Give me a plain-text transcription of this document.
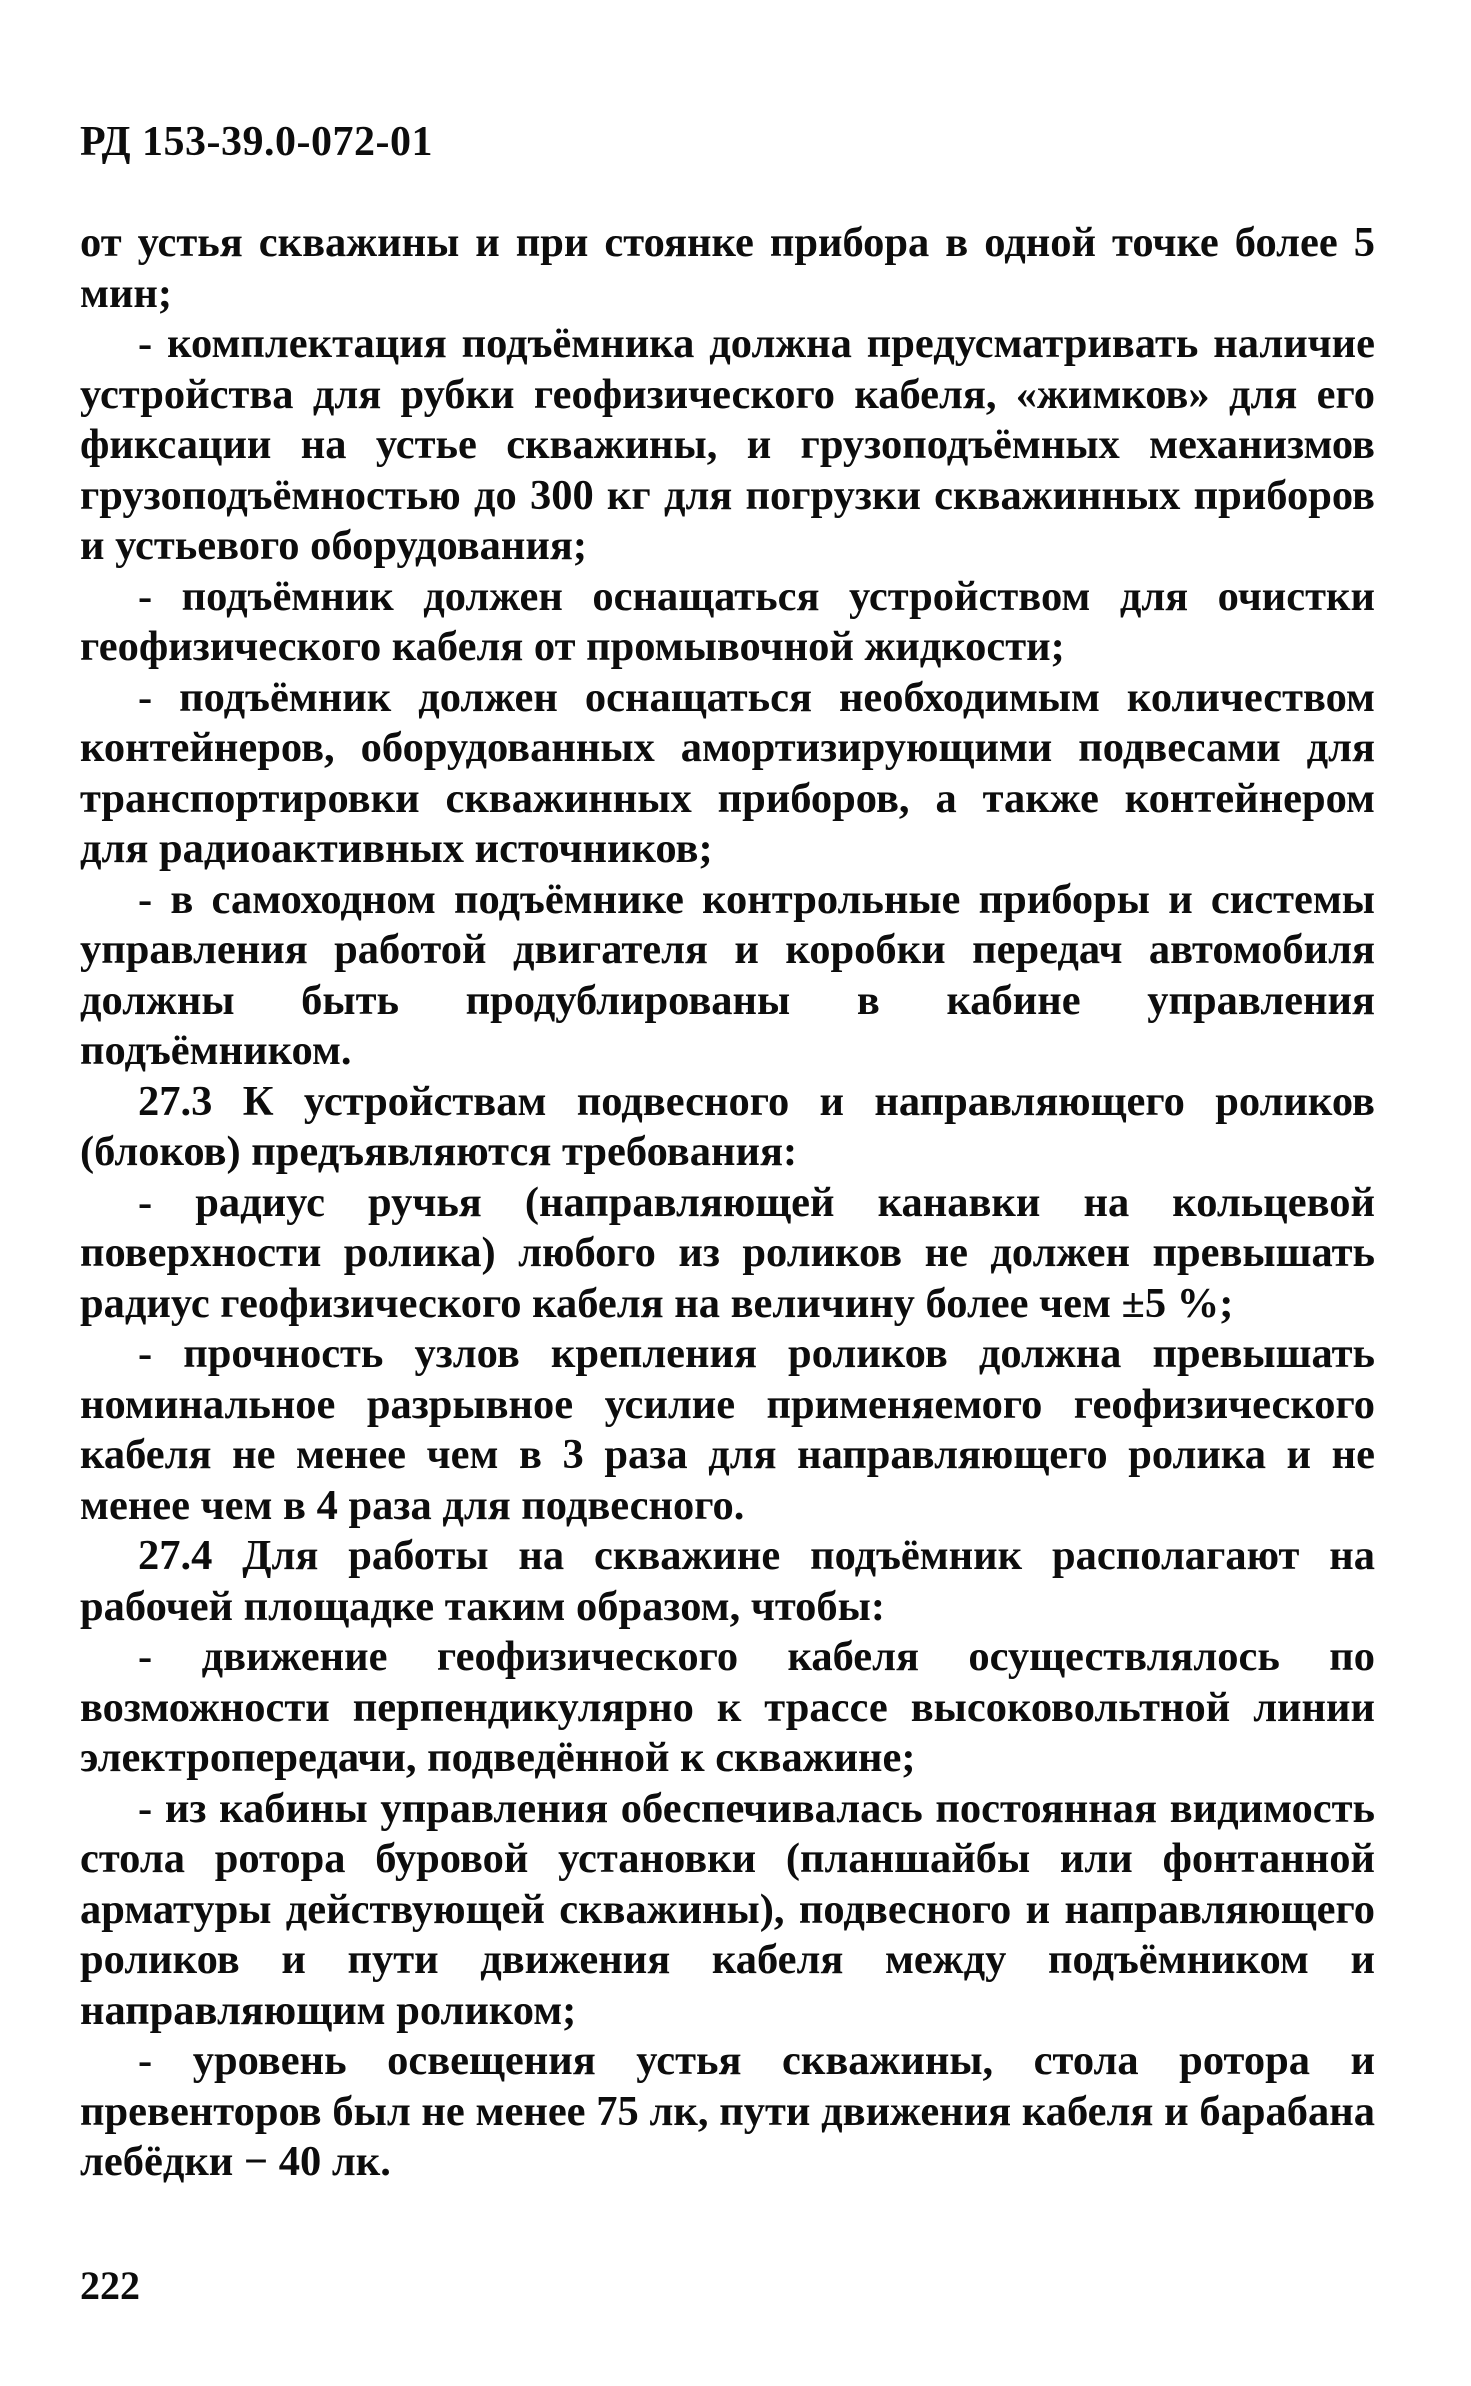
РД 153-39.0-072-01

от устья скважины и при стоянке прибора в одной точке более 5 мин;

- комплектация подъёмника должна предусматривать наличие устройства для рубки геофизического кабеля, «жимков» для его фиксации на устье скважины, и грузоподъёмных механизмов грузоподъёмностью до 300 кг для погрузки скважинных приборов и устьевого оборудования;

- подъёмник должен оснащаться устройством для очистки геофизического кабеля от промывочной жидкости;

- подъёмник должен оснащаться необходимым количеством контейнеров, оборудованных амортизирующими подвесами для транспортировки скважинных приборов, а также контейнером для радиоактивных источников;

- в самоходном подъёмнике контрольные приборы и системы управления работой двигателя и коробки передач автомобиля должны быть продублированы в кабине управления подъёмником.

27.3 К устройствам подвесного и направляющего роликов (блоков) предъявляются требования:

- радиус ручья (направляющей канавки на кольцевой поверхности ролика) любого из роликов не должен превышать радиус геофизического кабеля на величину более чем ±5 %;

- прочность узлов крепления роликов должна превышать номинальное разрывное усилие применяемого геофизического кабеля не менее чем в 3 раза для направляющего ролика и не менее чем в 4 раза для подвесного.

27.4 Для работы на скважине подъёмник располагают на рабочей площадке таким образом, чтобы:

- движение геофизического кабеля осуществлялось по возможности перпендикулярно к трассе высоковольтной линии электропередачи, подведённой к скважине;

- из кабины управления обеспечивалась постоянная видимость стола ротора буровой установки (планшайбы или фонтанной арматуры действующей скважины), подвесного и направляющего роликов и пути движения кабеля между подъёмником и направляющим роликом;

- уровень освещения устья скважины, стола ротора и превенторов был не менее 75 лк, пути движения кабеля и барабана лебёдки − 40 лк.

222
